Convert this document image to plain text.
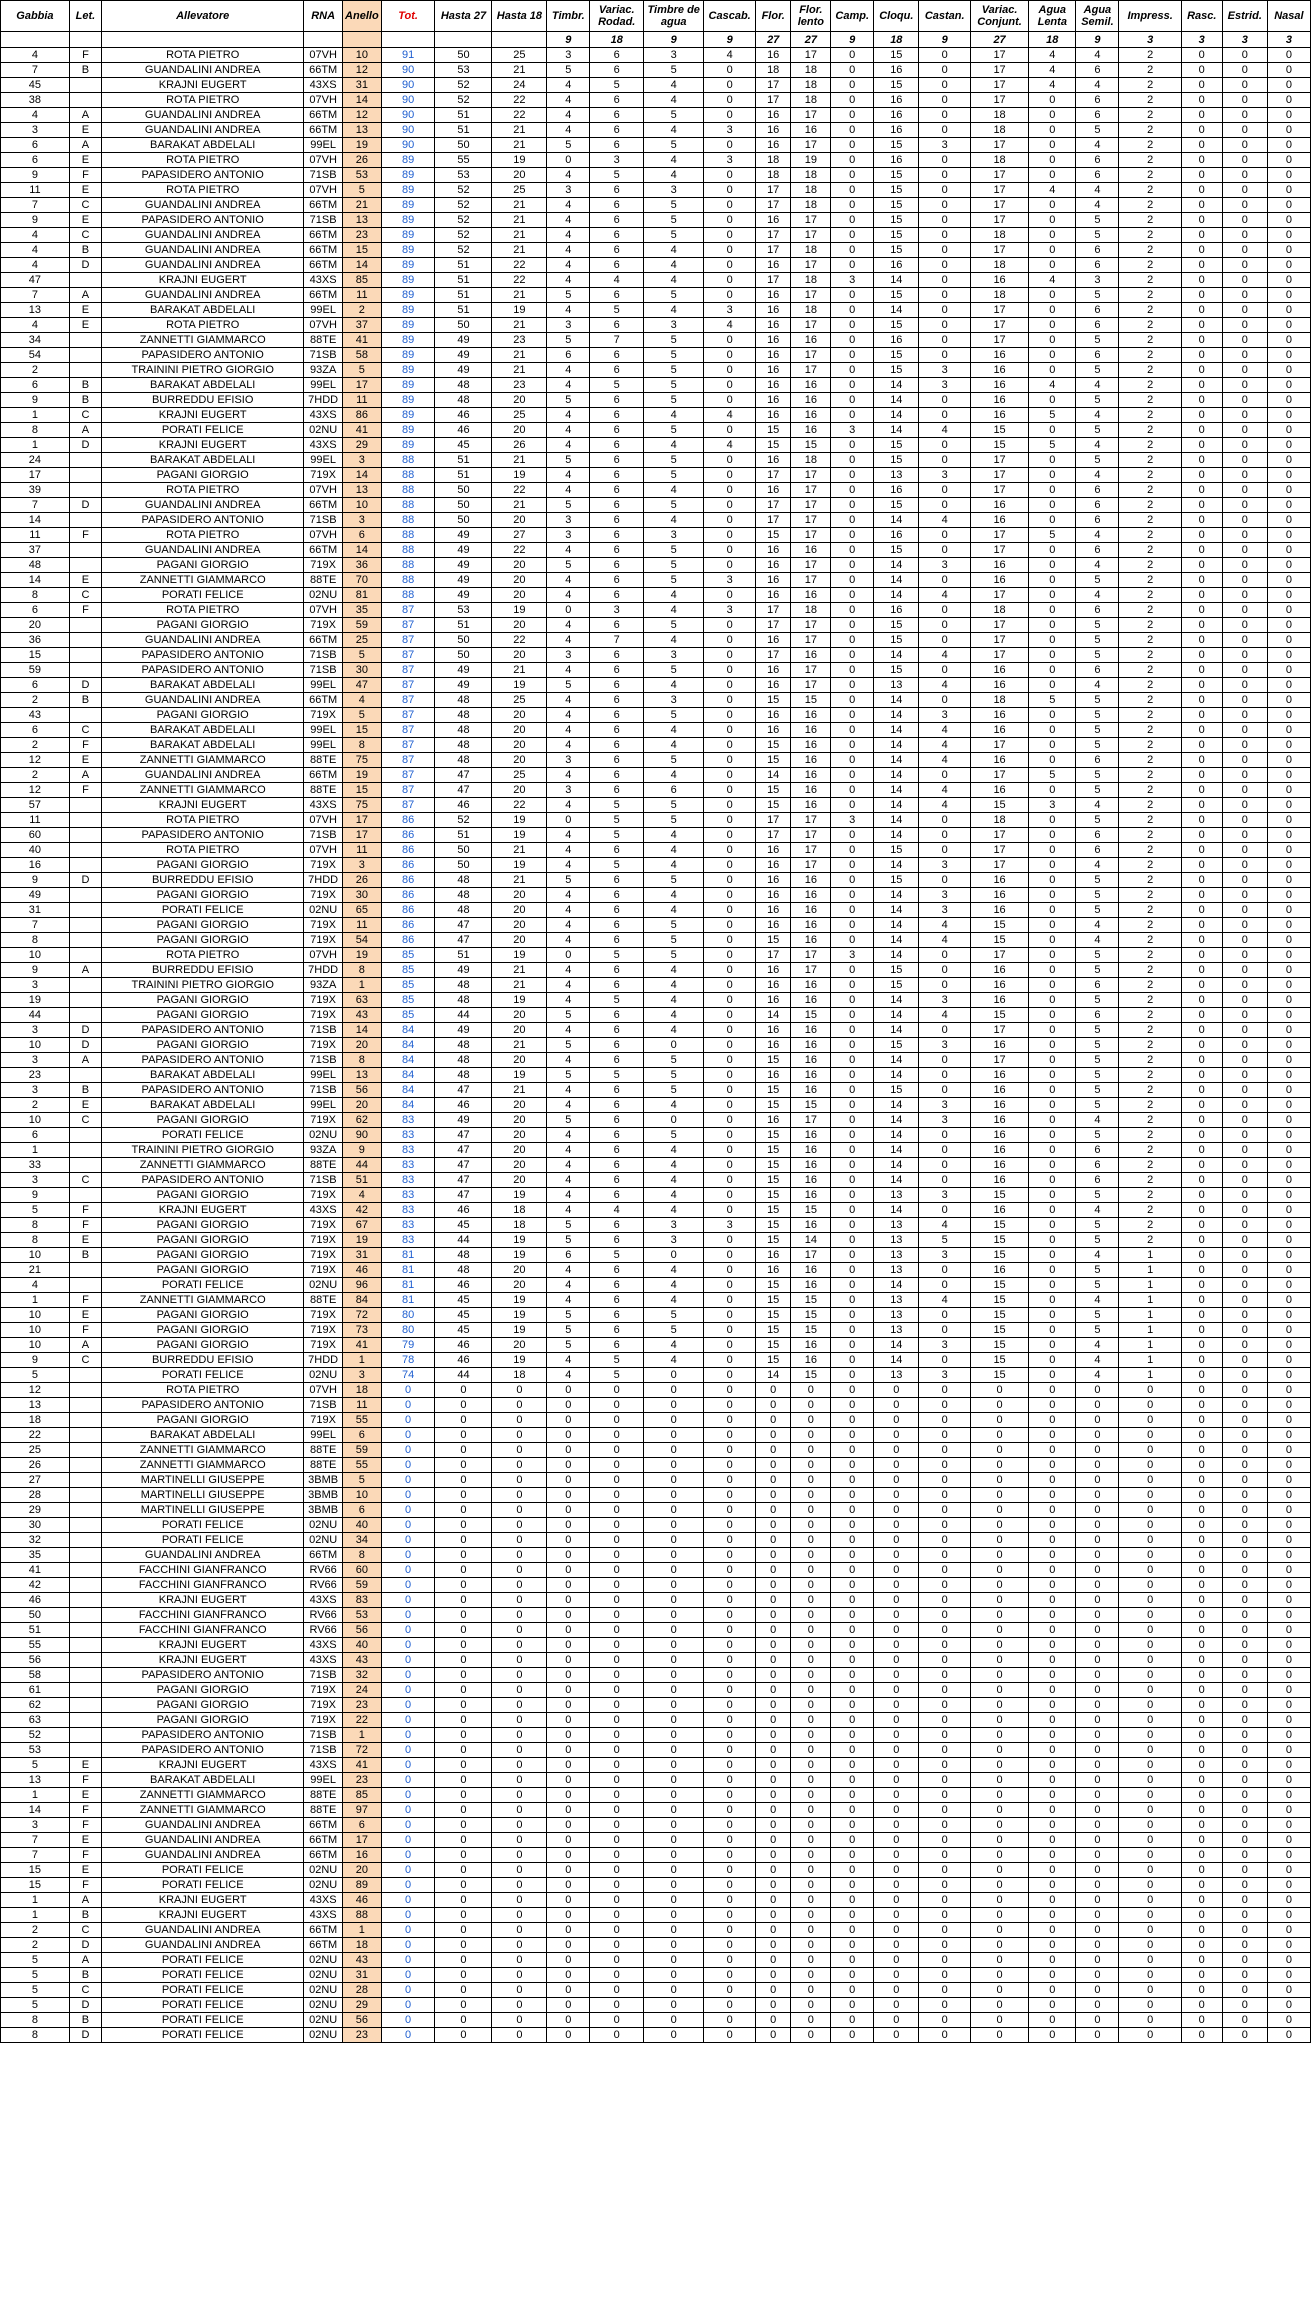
Gabbia	Let.	Allevatore	RNA	Anello	Tot.	Hasta 27	Hasta 18	Timbr.	Variac. Rodad.	Timbre de agua	Cascab.	Flor.	Flor. lento	Camp.	Cloqu.	Castan.	Variac. Conjunt.	Agua Lenta	Agua Semil.	Impress.	Rasc.	Estrid.	Nasal
								9	18	9	9	27	27	9	18	9	27	18	9	3	3	3	3
4	F	ROTA PIETRO	07VH	10	91	50	25	3	6	3	4	16	17	0	15	0	17	4	4	2	0	0	0
7	B	GUANDALINI ANDREA	66TM	12	90	53	21	5	6	5	0	18	18	0	16	0	17	4	6	2	0	0	0
45		KRAJNI EUGERT	43XS	31	90	52	24	4	5	4	0	17	18	0	15	0	17	4	4	2	0	0	0
38		ROTA PIETRO	07VH	14	90	52	22	4	6	4	0	17	18	0	16	0	17	0	6	2	0	0	0
4	A	GUANDALINI ANDREA	66TM	12	90	51	22	4	6	5	0	16	17	0	16	0	18	0	6	2	0	0	0
3	E	GUANDALINI ANDREA	66TM	13	90	51	21	4	6	4	3	16	16	0	16	0	18	0	5	2	0	0	0
6	A	BARAKAT ABDELALI	99EL	19	90	50	21	5	6	5	0	16	17	0	15	3	17	0	4	2	0	0	0
6	E	ROTA PIETRO	07VH	26	89	55	19	0	3	4	3	18	19	0	16	0	18	0	6	2	0	0	0
9	F	PAPASIDERO ANTONIO	71SB	53	89	53	20	4	5	4	0	18	18	0	15	0	17	0	6	2	0	0	0
11	E	ROTA PIETRO	07VH	5	89	52	25	3	6	3	0	17	18	0	15	0	17	4	4	2	0	0	0
7	C	GUANDALINI ANDREA	66TM	21	89	52	21	4	6	5	0	17	18	0	15	0	17	0	4	2	0	0	0
9	E	PAPASIDERO ANTONIO	71SB	13	89	52	21	4	6	5	0	16	17	0	15	0	17	0	5	2	0	0	0
4	C	GUANDALINI ANDREA	66TM	23	89	52	21	4	6	5	0	17	17	0	15	0	18	0	5	2	0	0	0
4	B	GUANDALINI ANDREA	66TM	15	89	52	21	4	6	4	0	17	18	0	15	0	17	0	6	2	0	0	0
4	D	GUANDALINI ANDREA	66TM	14	89	51	22	4	6	4	0	16	17	0	16	0	18	0	6	2	0	0	0
47		KRAJNI EUGERT	43XS	85	89	51	22	4	4	4	0	17	18	3	14	0	16	4	3	2	0	0	0
7	A	GUANDALINI ANDREA	66TM	11	89	51	21	5	6	5	0	16	17	0	15	0	18	0	5	2	0	0	0
13	E	BARAKAT ABDELALI	99EL	2	89	51	19	4	5	4	3	16	18	0	14	0	17	0	6	2	0	0	0
4	E	ROTA PIETRO	07VH	37	89	50	21	3	6	3	4	16	17	0	15	0	17	0	6	2	0	0	0
34		ZANNETTI GIAMMARCO	88TE	41	89	49	23	5	7	5	0	16	16	0	16	0	17	0	5	2	0	0	0
54		PAPASIDERO ANTONIO	71SB	58	89	49	21	6	6	5	0	16	17	0	15	0	16	0	6	2	0	0	0
2		TRAININI PIETRO GIORGIO	93ZA	5	89	49	21	4	6	5	0	16	17	0	15	3	16	0	5	2	0	0	0
6	B	BARAKAT ABDELALI	99EL	17	89	48	23	4	5	5	0	16	16	0	14	3	16	4	4	2	0	0	0
9	B	BURREDDU EFISIO	7HDD	11	89	48	20	5	6	5	0	16	16	0	14	0	16	0	5	2	0	0	0
1	C	KRAJNI EUGERT	43XS	86	89	46	25	4	6	4	4	16	16	0	14	0	16	5	4	2	0	0	0
8	A	PORATI FELICE	02NU	41	89	46	20	4	6	5	0	15	16	3	14	4	15	0	5	2	0	0	0
1	D	KRAJNI EUGERT	43XS	29	89	45	26	4	6	4	4	15	15	0	15	0	15	5	4	2	0	0	0
24		BARAKAT ABDELALI	99EL	3	88	51	21	5	6	5	0	16	18	0	15	0	17	0	5	2	0	0	0
17		PAGANI GIORGIO	719X	14	88	51	19	4	6	5	0	17	17	0	13	3	17	0	4	2	0	0	0
39		ROTA PIETRO	07VH	13	88	50	22	4	6	4	0	16	17	0	16	0	17	0	6	2	0	0	0
7	D	GUANDALINI ANDREA	66TM	10	88	50	21	5	6	5	0	17	17	0	15	0	16	0	6	2	0	0	0
14		PAPASIDERO ANTONIO	71SB	3	88	50	20	3	6	4	0	17	17	0	14	4	16	0	6	2	0	0	0
11	F	ROTA PIETRO	07VH	6	88	49	27	3	6	3	0	15	17	0	16	0	17	5	4	2	0	0	0
37		GUANDALINI ANDREA	66TM	14	88	49	22	4	6	5	0	16	16	0	15	0	17	0	6	2	0	0	0
48		PAGANI GIORGIO	719X	36	88	49	20	5	6	5	0	16	17	0	14	3	16	0	4	2	0	0	0
14	E	ZANNETTI GIAMMARCO	88TE	70	88	49	20	4	6	5	3	16	17	0	14	0	16	0	5	2	0	0	0
8	C	PORATI FELICE	02NU	81	88	49	20	4	6	4	0	16	16	0	14	4	17	0	4	2	0	0	0
6	F	ROTA PIETRO	07VH	35	87	53	19	0	3	4	3	17	18	0	16	0	18	0	6	2	0	0	0
20		PAGANI GIORGIO	719X	59	87	51	20	4	6	5	0	17	17	0	15	0	17	0	5	2	0	0	0
36		GUANDALINI ANDREA	66TM	25	87	50	22	4	7	4	0	16	17	0	15	0	17	0	5	2	0	0	0
15		PAPASIDERO ANTONIO	71SB	5	87	50	20	3	6	3	0	17	16	0	14	4	17	0	5	2	0	0	0
59		PAPASIDERO ANTONIO	71SB	30	87	49	21	4	6	5	0	16	17	0	15	0	16	0	6	2	0	0	0
6	D	BARAKAT ABDELALI	99EL	47	87	49	19	5	6	4	0	16	17	0	13	4	16	0	4	2	0	0	0
2	B	GUANDALINI ANDREA	66TM	4	87	48	25	4	6	3	0	15	15	0	14	0	18	5	5	2	0	0	0
43		PAGANI GIORGIO	719X	5	87	48	20	4	6	5	0	16	16	0	14	3	16	0	5	2	0	0	0
6	C	BARAKAT ABDELALI	99EL	15	87	48	20	4	6	4	0	16	16	0	14	4	16	0	5	2	0	0	0
2	F	BARAKAT ABDELALI	99EL	8	87	48	20	4	6	4	0	15	16	0	14	4	17	0	5	2	0	0	0
12	E	ZANNETTI GIAMMARCO	88TE	75	87	48	20	3	6	5	0	15	16	0	14	4	16	0	6	2	0	0	0
2	A	GUANDALINI ANDREA	66TM	19	87	47	25	4	6	4	0	14	16	0	14	0	17	5	5	2	0	0	0
12	F	ZANNETTI GIAMMARCO	88TE	15	87	47	20	3	6	6	0	15	16	0	14	4	16	0	5	2	0	0	0
57		KRAJNI EUGERT	43XS	75	87	46	22	4	5	5	0	15	16	0	14	4	15	3	4	2	0	0	0
11		ROTA PIETRO	07VH	17	86	52	19	0	5	5	0	17	17	3	14	0	18	0	5	2	0	0	0
60		PAPASIDERO ANTONIO	71SB	17	86	51	19	4	5	4	0	17	17	0	14	0	17	0	6	2	0	0	0
40		ROTA PIETRO	07VH	11	86	50	21	4	6	4	0	16	17	0	15	0	17	0	6	2	0	0	0
16		PAGANI GIORGIO	719X	3	86	50	19	4	5	4	0	16	17	0	14	3	17	0	4	2	0	0	0
9	D	BURREDDU EFISIO	7HDD	26	86	48	21	5	6	5	0	16	16	0	15	0	16	0	5	2	0	0	0
49		PAGANI GIORGIO	719X	30	86	48	20	4	6	4	0	16	16	0	14	3	16	0	5	2	0	0	0
31		PORATI FELICE	02NU	65	86	48	20	4	6	4	0	16	16	0	14	3	16	0	5	2	0	0	0
7		PAGANI GIORGIO	719X	11	86	47	20	4	6	5	0	16	16	0	14	4	15	0	4	2	0	0	0
8		PAGANI GIORGIO	719X	54	86	47	20	4	6	5	0	15	16	0	14	4	15	0	4	2	0	0	0
10		ROTA PIETRO	07VH	19	85	51	19	0	5	5	0	17	17	3	14	0	17	0	5	2	0	0	0
9	A	BURREDDU EFISIO	7HDD	8	85	49	21	4	6	4	0	16	17	0	15	0	16	0	5	2	0	0	0
3		TRAININI PIETRO GIORGIO	93ZA	1	85	48	21	4	6	4	0	16	16	0	15	0	16	0	6	2	0	0	0
19		PAGANI GIORGIO	719X	63	85	48	19	4	5	4	0	16	16	0	14	3	16	0	5	2	0	0	0
44		PAGANI GIORGIO	719X	43	85	44	20	5	6	4	0	14	15	0	14	4	15	0	6	2	0	0	0
3	D	PAPASIDERO ANTONIO	71SB	14	84	49	20	4	6	4	0	16	16	0	14	0	17	0	5	2	0	0	0
10	D	PAGANI GIORGIO	719X	20	84	48	21	5	6	0	0	16	16	0	15	3	16	0	5	2	0	0	0
3	A	PAPASIDERO ANTONIO	71SB	8	84	48	20	4	6	5	0	15	16	0	14	0	17	0	5	2	0	0	0
23		BARAKAT ABDELALI	99EL	13	84	48	19	5	5	5	0	16	16	0	14	0	16	0	5	2	0	0	0
3	B	PAPASIDERO ANTONIO	71SB	56	84	47	21	4	6	5	0	15	16	0	15	0	16	0	5	2	0	0	0
2	E	BARAKAT ABDELALI	99EL	20	84	46	20	4	6	4	0	15	15	0	14	3	16	0	5	2	0	0	0
10	C	PAGANI GIORGIO	719X	62	83	49	20	5	6	0	0	16	17	0	14	3	16	0	4	2	0	0	0
6		PORATI FELICE	02NU	90	83	47	20	4	6	5	0	15	16	0	14	0	16	0	5	2	0	0	0
1		TRAININI PIETRO GIORGIO	93ZA	9	83	47	20	4	6	4	0	15	16	0	14	0	16	0	6	2	0	0	0
33		ZANNETTI GIAMMARCO	88TE	44	83	47	20	4	6	4	0	15	16	0	14	0	16	0	6	2	0	0	0
3	C	PAPASIDERO ANTONIO	71SB	51	83	47	20	4	6	4	0	15	16	0	14	0	16	0	6	2	0	0	0
9		PAGANI GIORGIO	719X	4	83	47	19	4	6	4	0	15	16	0	13	3	15	0	5	2	0	0	0
5	F	KRAJNI EUGERT	43XS	42	83	46	18	4	4	4	0	15	15	0	14	0	16	0	4	2	0	0	0
8	F	PAGANI GIORGIO	719X	67	83	45	18	5	6	3	3	15	16	0	13	4	15	0	5	2	0	0	0
8	E	PAGANI GIORGIO	719X	19	83	44	19	5	6	3	0	15	14	0	13	5	15	0	5	2	0	0	0
10	B	PAGANI GIORGIO	719X	31	81	48	19	6	5	0	0	16	17	0	13	3	15	0	4	1	0	0	0
21		PAGANI GIORGIO	719X	46	81	48	20	4	6	4	0	16	16	0	13	0	16	0	5	1	0	0	0
4		PORATI FELICE	02NU	96	81	46	20	4	6	4	0	15	16	0	14	0	15	0	5	1	0	0	0
1	F	ZANNETTI GIAMMARCO	88TE	84	81	45	19	4	6	4	0	15	15	0	13	4	15	0	4	1	0	0	0
10	E	PAGANI GIORGIO	719X	72	80	45	19	5	6	5	0	15	15	0	13	0	15	0	5	1	0	0	0
10	F	PAGANI GIORGIO	719X	73	80	45	19	5	6	5	0	15	15	0	13	0	15	0	5	1	0	0	0
10	A	PAGANI GIORGIO	719X	41	79	46	20	5	6	4	0	15	16	0	14	3	15	0	4	1	0	0	0
9	C	BURREDDU EFISIO	7HDD	1	78	46	19	4	5	4	0	15	16	0	14	0	15	0	4	1	0	0	0
5		PORATI FELICE	02NU	3	74	44	18	4	5	0	0	14	15	0	13	3	15	0	4	1	0	0	0
12		ROTA PIETRO	07VH	18	0	0	0	0	0	0	0	0	0	0	0	0	0	0	0	0	0	0	0
13		PAPASIDERO ANTONIO	71SB	11	0	0	0	0	0	0	0	0	0	0	0	0	0	0	0	0	0	0	0
18		PAGANI GIORGIO	719X	55	0	0	0	0	0	0	0	0	0	0	0	0	0	0	0	0	0	0	0
22		BARAKAT ABDELALI	99EL	6	0	0	0	0	0	0	0	0	0	0	0	0	0	0	0	0	0	0	0
25		ZANNETTI GIAMMARCO	88TE	59	0	0	0	0	0	0	0	0	0	0	0	0	0	0	0	0	0	0	0
26		ZANNETTI GIAMMARCO	88TE	55	0	0	0	0	0	0	0	0	0	0	0	0	0	0	0	0	0	0	0
27		MARTINELLI GIUSEPPE	3BMB	5	0	0	0	0	0	0	0	0	0	0	0	0	0	0	0	0	0	0	0
28		MARTINELLI GIUSEPPE	3BMB	10	0	0	0	0	0	0	0	0	0	0	0	0	0	0	0	0	0	0	0
29		MARTINELLI GIUSEPPE	3BMB	6	0	0	0	0	0	0	0	0	0	0	0	0	0	0	0	0	0	0	0
30		PORATI FELICE	02NU	40	0	0	0	0	0	0	0	0	0	0	0	0	0	0	0	0	0	0	0
32		PORATI FELICE	02NU	34	0	0	0	0	0	0	0	0	0	0	0	0	0	0	0	0	0	0	0
35		GUANDALINI ANDREA	66TM	8	0	0	0	0	0	0	0	0	0	0	0	0	0	0	0	0	0	0	0
41		FACCHINI GIANFRANCO	RV66	60	0	0	0	0	0	0	0	0	0	0	0	0	0	0	0	0	0	0	0
42		FACCHINI GIANFRANCO	RV66	59	0	0	0	0	0	0	0	0	0	0	0	0	0	0	0	0	0	0	0
46		KRAJNI EUGERT	43XS	83	0	0	0	0	0	0	0	0	0	0	0	0	0	0	0	0	0	0	0
50		FACCHINI GIANFRANCO	RV66	53	0	0	0	0	0	0	0	0	0	0	0	0	0	0	0	0	0	0	0
51		FACCHINI GIANFRANCO	RV66	56	0	0	0	0	0	0	0	0	0	0	0	0	0	0	0	0	0	0	0
55		KRAJNI EUGERT	43XS	40	0	0	0	0	0	0	0	0	0	0	0	0	0	0	0	0	0	0	0
56		KRAJNI EUGERT	43XS	43	0	0	0	0	0	0	0	0	0	0	0	0	0	0	0	0	0	0	0
58		PAPASIDERO ANTONIO	71SB	32	0	0	0	0	0	0	0	0	0	0	0	0	0	0	0	0	0	0	0
61		PAGANI GIORGIO	719X	24	0	0	0	0	0	0	0	0	0	0	0	0	0	0	0	0	0	0	0
62		PAGANI GIORGIO	719X	23	0	0	0	0	0	0	0	0	0	0	0	0	0	0	0	0	0	0	0
63		PAGANI GIORGIO	719X	22	0	0	0	0	0	0	0	0	0	0	0	0	0	0	0	0	0	0	0
52		PAPASIDERO ANTONIO	71SB	1	0	0	0	0	0	0	0	0	0	0	0	0	0	0	0	0	0	0	0
53		PAPASIDERO ANTONIO	71SB	72	0	0	0	0	0	0	0	0	0	0	0	0	0	0	0	0	0	0	0
5	E	KRAJNI EUGERT	43XS	41	0	0	0	0	0	0	0	0	0	0	0	0	0	0	0	0	0	0	0
13	F	BARAKAT ABDELALI	99EL	23	0	0	0	0	0	0	0	0	0	0	0	0	0	0	0	0	0	0	0
1	E	ZANNETTI GIAMMARCO	88TE	85	0	0	0	0	0	0	0	0	0	0	0	0	0	0	0	0	0	0	0
14	F	ZANNETTI GIAMMARCO	88TE	97	0	0	0	0	0	0	0	0	0	0	0	0	0	0	0	0	0	0	0
3	F	GUANDALINI ANDREA	66TM	6	0	0	0	0	0	0	0	0	0	0	0	0	0	0	0	0	0	0	0
7	E	GUANDALINI ANDREA	66TM	17	0	0	0	0	0	0	0	0	0	0	0	0	0	0	0	0	0	0	0
7	F	GUANDALINI ANDREA	66TM	16	0	0	0	0	0	0	0	0	0	0	0	0	0	0	0	0	0	0	0
15	E	PORATI FELICE	02NU	20	0	0	0	0	0	0	0	0	0	0	0	0	0	0	0	0	0	0	0
15	F	PORATI FELICE	02NU	89	0	0	0	0	0	0	0	0	0	0	0	0	0	0	0	0	0	0	0
1	A	KRAJNI EUGERT	43XS	46	0	0	0	0	0	0	0	0	0	0	0	0	0	0	0	0	0	0	0
1	B	KRAJNI EUGERT	43XS	88	0	0	0	0	0	0	0	0	0	0	0	0	0	0	0	0	0	0	0
2	C	GUANDALINI ANDREA	66TM	1	0	0	0	0	0	0	0	0	0	0	0	0	0	0	0	0	0	0	0
2	D	GUANDALINI ANDREA	66TM	18	0	0	0	0	0	0	0	0	0	0	0	0	0	0	0	0	0	0	0
5	A	PORATI FELICE	02NU	43	0	0	0	0	0	0	0	0	0	0	0	0	0	0	0	0	0	0	0
5	B	PORATI FELICE	02NU	31	0	0	0	0	0	0	0	0	0	0	0	0	0	0	0	0	0	0	0
5	C	PORATI FELICE	02NU	28	0	0	0	0	0	0	0	0	0	0	0	0	0	0	0	0	0	0	0
5	D	PORATI FELICE	02NU	29	0	0	0	0	0	0	0	0	0	0	0	0	0	0	0	0	0	0	0
8	B	PORATI FELICE	02NU	56	0	0	0	0	0	0	0	0	0	0	0	0	0	0	0	0	0	0	0
8	D	PORATI FELICE	02NU	23	0	0	0	0	0	0	0	0	0	0	0	0	0	0	0	0	0	0	0
